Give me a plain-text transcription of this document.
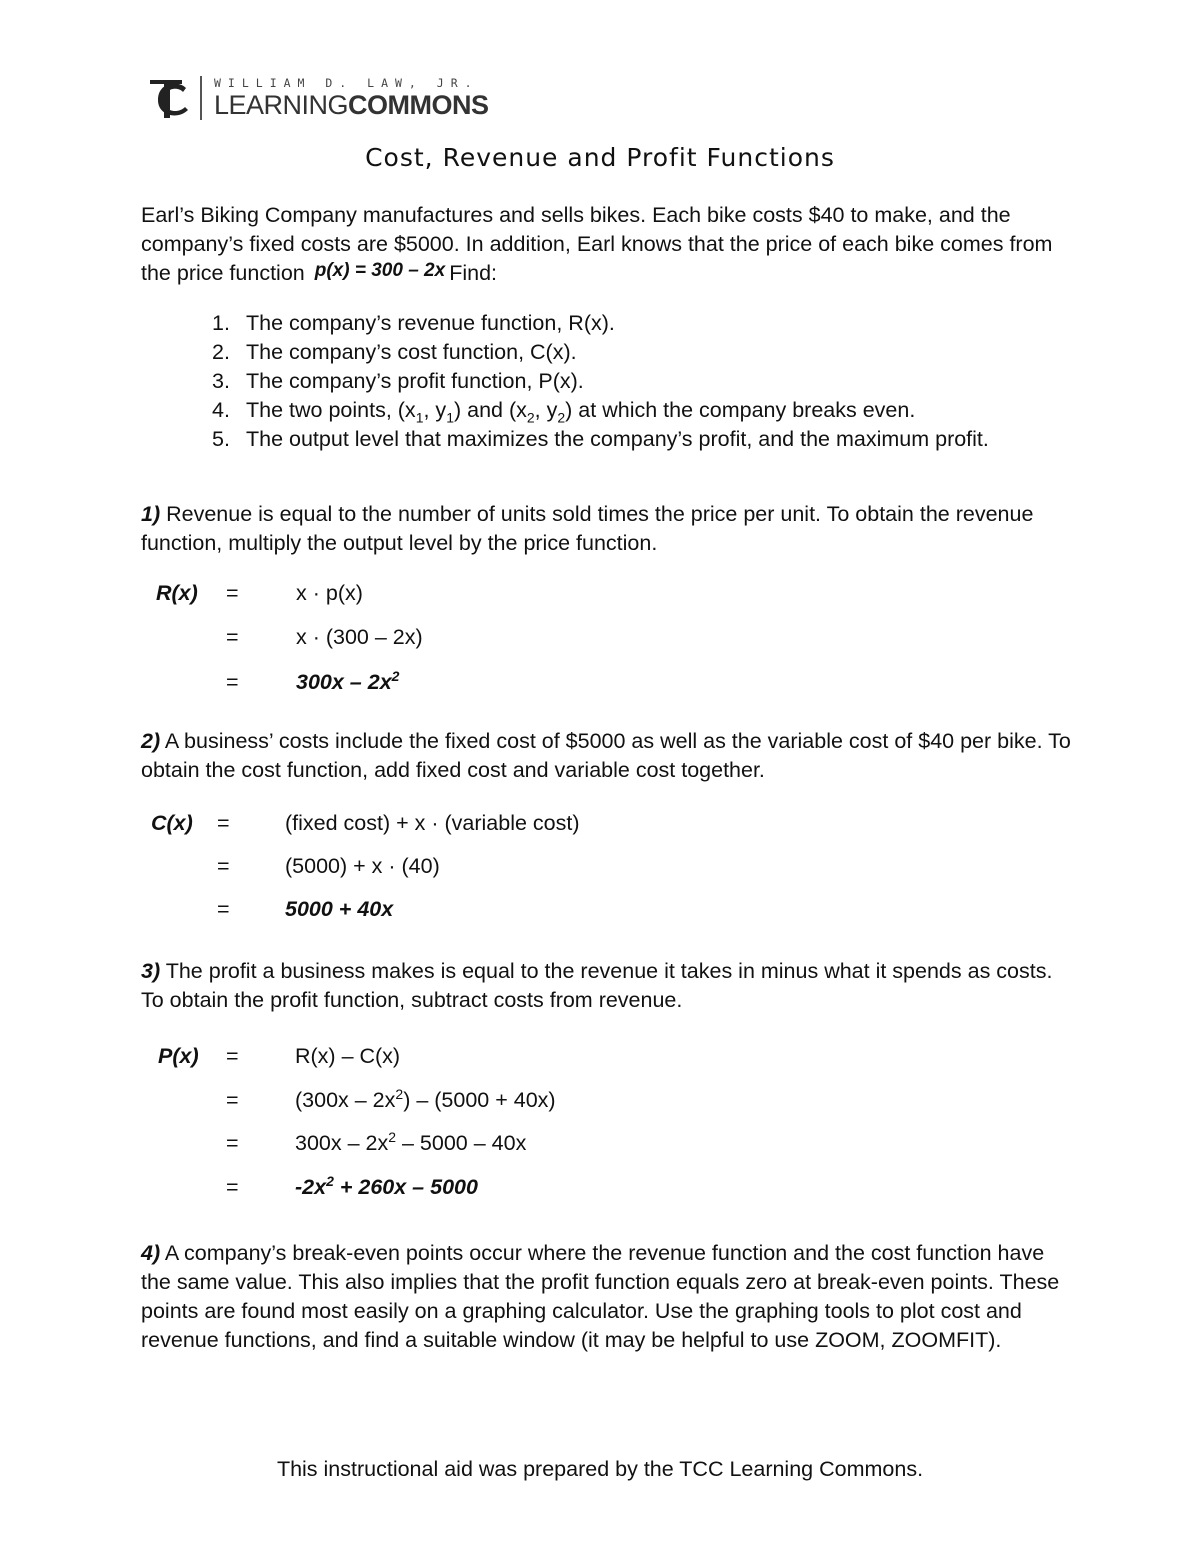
WILLIAM D. LAW, JR.
LEARNINGCOMMONS
Cost, Revenue and Profit Functions

Earl’s Biking Company manufactures and sells bikes. Each bike costs $40 to make, and the company’s fixed costs are $5000. In addition, Earl knows that the price of each bike comes from the price function p(x) = 300 – 2x Find:

1. The company’s revenue function, R(x).
2. The company’s cost function, C(x).
3. The company’s profit function, P(x).
4. The two points, ($x_1$, $y_1$) and ($x_2$, $y_2$) at which the company breaks even.
5. The output level that maximizes the company’s profit, and the maximum profit.

1) Revenue is equal to the number of units sold times the price per unit. To obtain the revenue function, multiply the output level by the price function.

R(x) =	x · p(x)
=	x · (300 – 2x)
=	$300x - 2x^2$

2) A business’ costs include the fixed cost of $5000 as well as the variable cost of $40 per bike. To obtain the cost function, add fixed cost and variable cost together.

C(x) =	(fixed cost) + x · (variable cost)
=	(5000) + x · (40)
=	5000 + 40x

3) The profit a business makes is equal to the revenue it takes in minus what it spends as costs. To obtain the profit function, subtract costs from revenue.

P(x) =	R(x) – C(x)
=	$(300x - 2x^2) - (5000 + 40x)$
=	$300x - 2x^2 - 5000 - 40x$
=	$-2x^2 + 260x - 5000$

4) A company’s break-even points occur where the revenue function and the cost function have the same value. This also implies that the profit function equals zero at break-even points. These points are found most easily on a graphing calculator. Use the graphing tools to plot cost and revenue functions, and find a suitable window (it may be helpful to use ZOOM, ZOOMFIT).

This instructional aid was prepared by the TCC Learning Commons.
